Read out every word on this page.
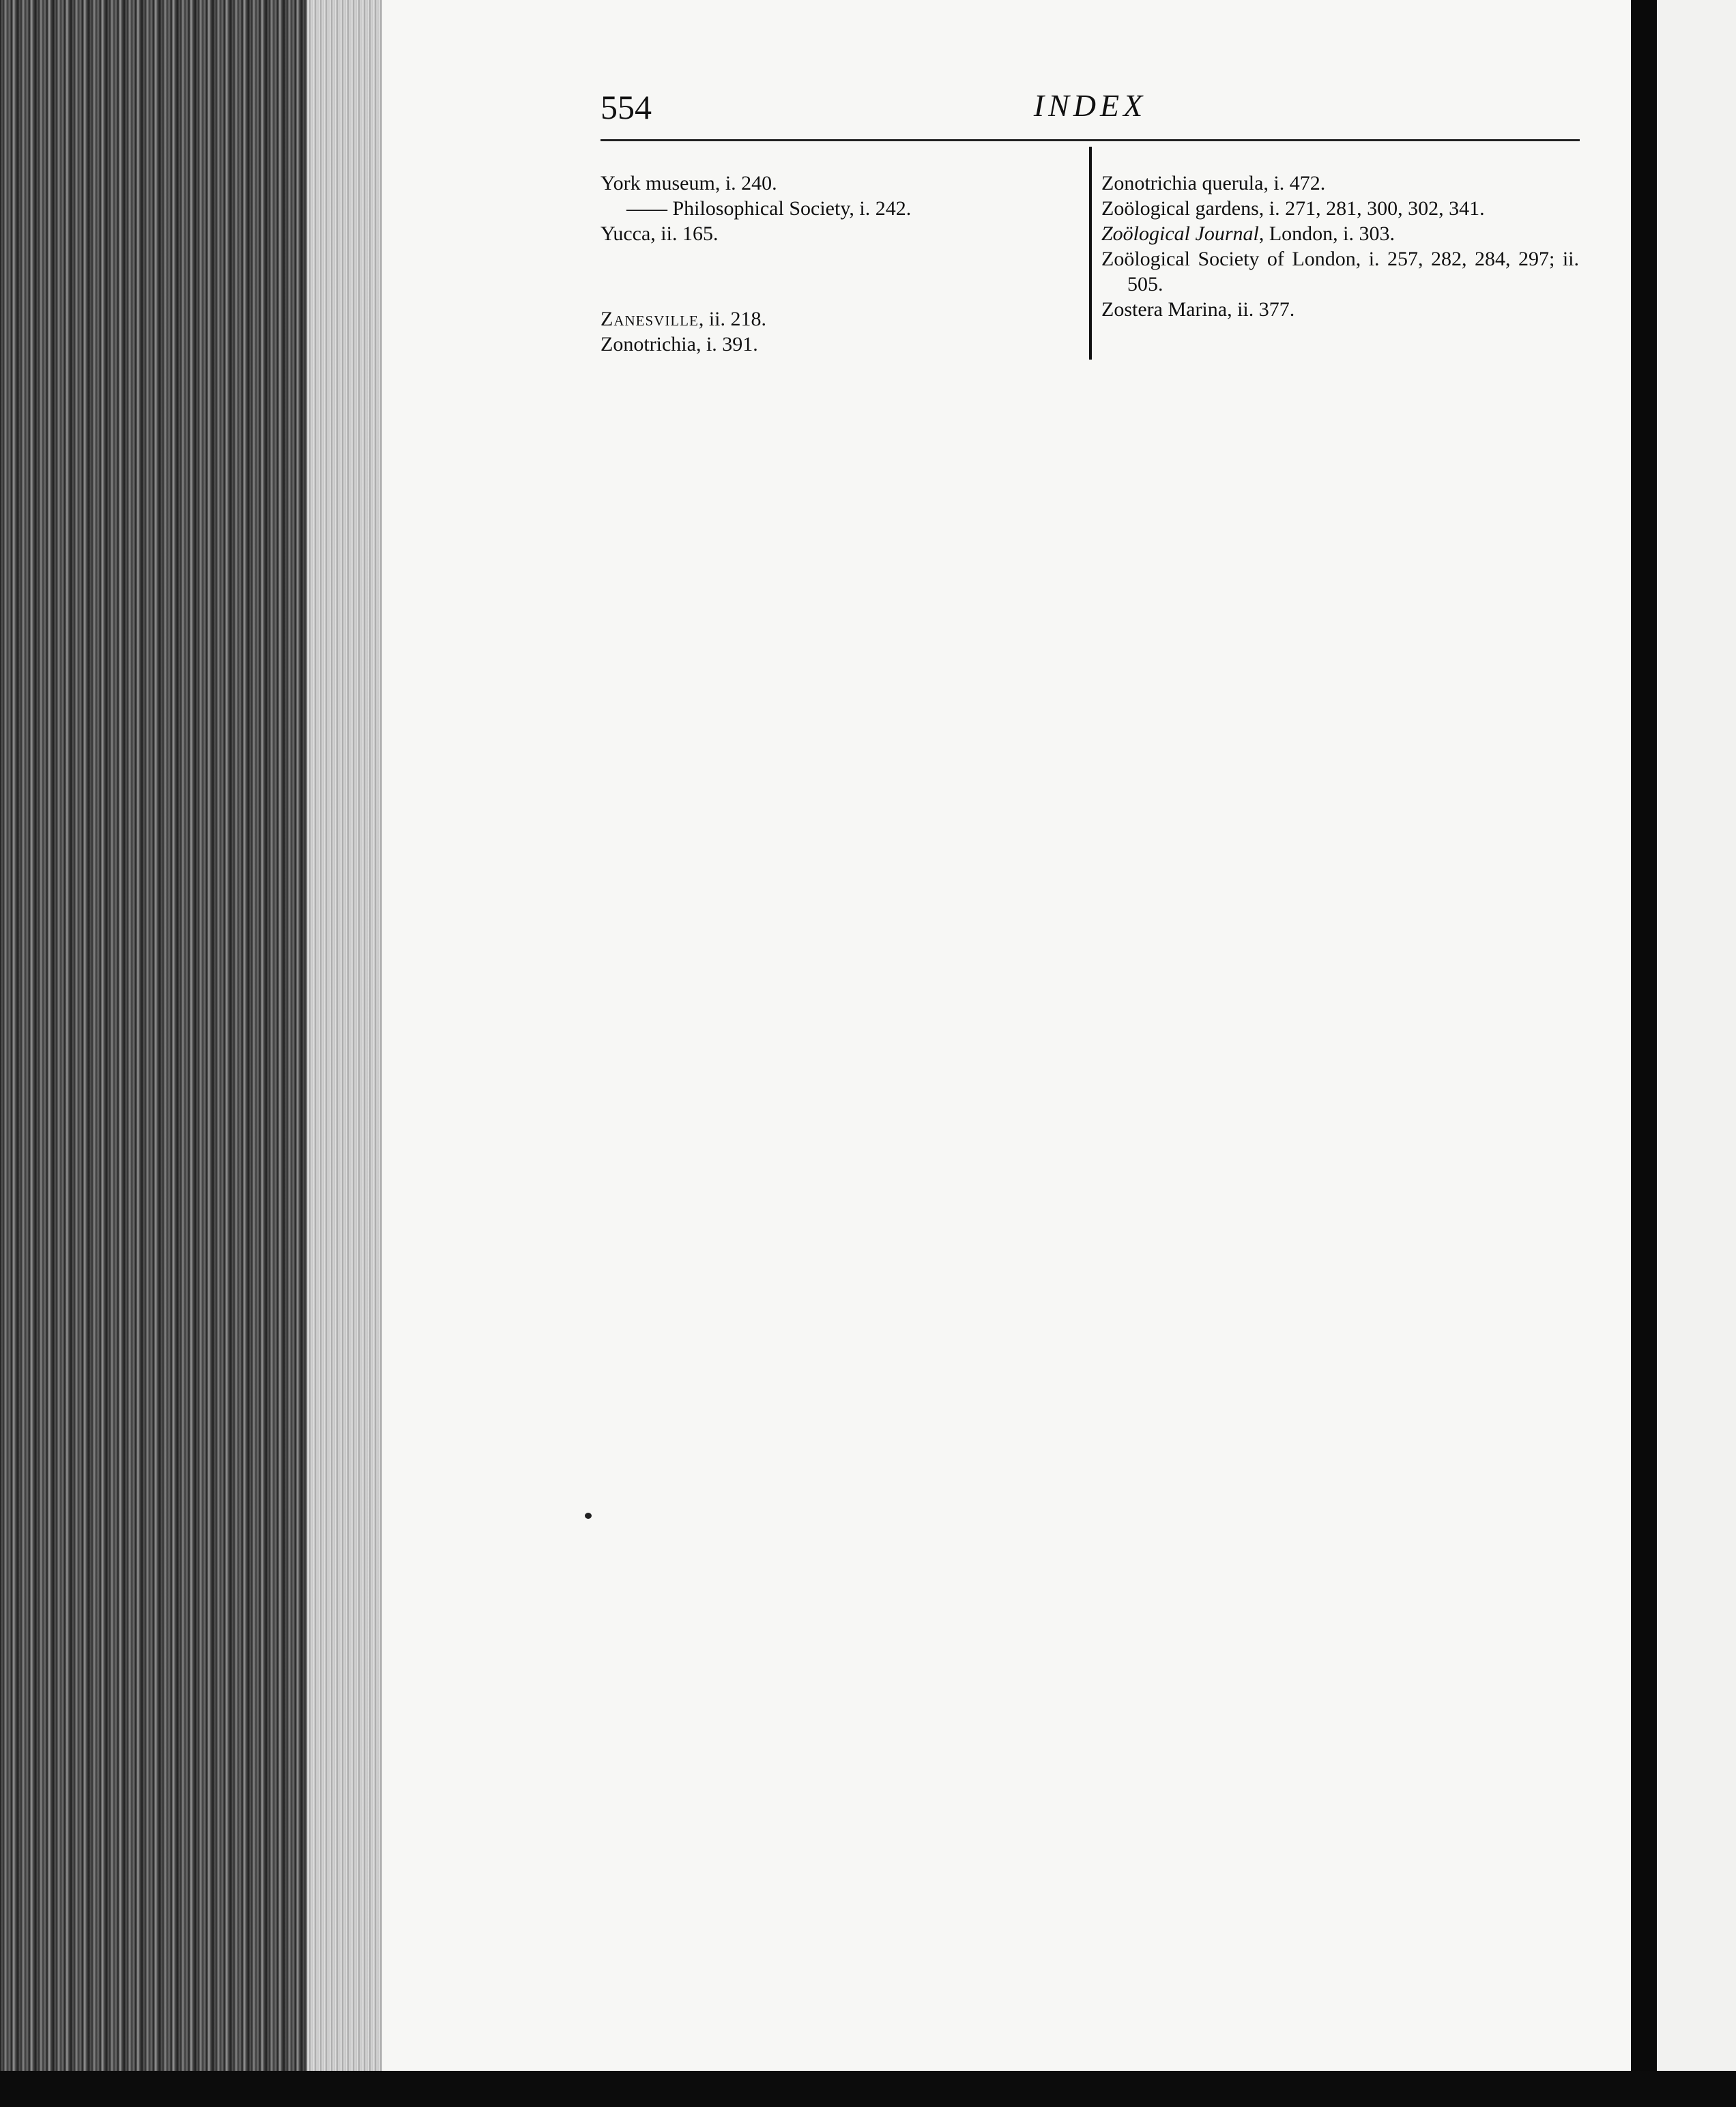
554	INDEX

York museum, i. 240.

—— Philosophical Society, i. 242.

Yucca, ii. 165.

Zanesville, ii. 218.

Zonotrichia, i. 391.

Zonotrichia querula, i. 472.

Zoölogical gardens, i. 271, 281, 300, 302, 341.

Zoölogical Journal, London, i. 303.

Zoölogical Society of London, i. 257, 282, 284, 297; ii. 505.

Zostera Marina, ii. 377.
